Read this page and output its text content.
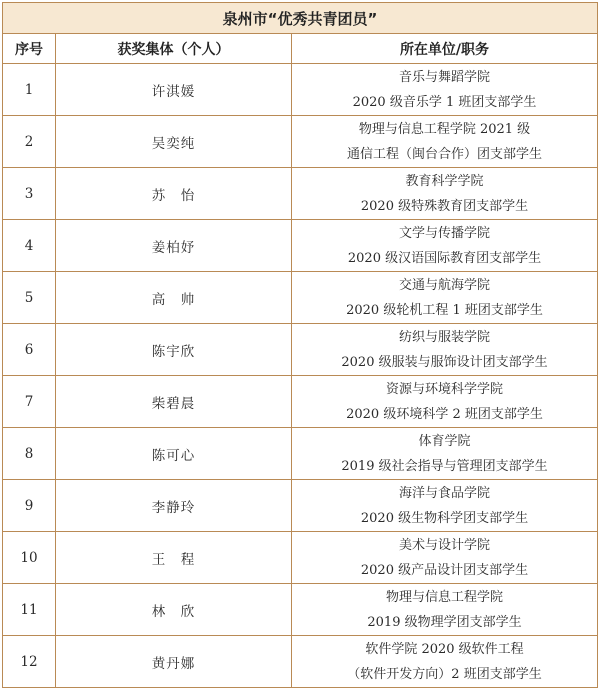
泉州市“优秀共青团员”		
序号	获奖集体（个人）	所在单位/职务
1	许淇媛	音乐与舞蹈学院
2020 级音乐学 1 班团支部学生

2	吴奕纯	物理与信息工程学院 2021 级
通信工程（闽台合作）团支部学生

3	苏　怡	教育科学学院
2020 级特殊教育团支部学生

4	姜柏妤	文学与传播学院
2020 级汉语国际教育团支部学生

5	高　帅	交通与航海学院
2020 级轮机工程 1 班团支部学生

6	陈宇欣	纺织与服装学院
2020 级服装与服饰设计团支部学生

7	柴碧晨	资源与环境科学学院
2020 级环境科学 2 班团支部学生

8	陈可心	体育学院
2019 级社会指导与管理团支部学生

9	李静玲	海洋与食品学院
2020 级生物科学团支部学生

10	王　程	美术与设计学院
2020 级产品设计团支部学生

11	林　欣	物理与信息工程学院
2019 级物理学团支部学生

12	黄丹娜	软件学院 2020 级软件工程
（软件开发方向）2 班团支部学生
